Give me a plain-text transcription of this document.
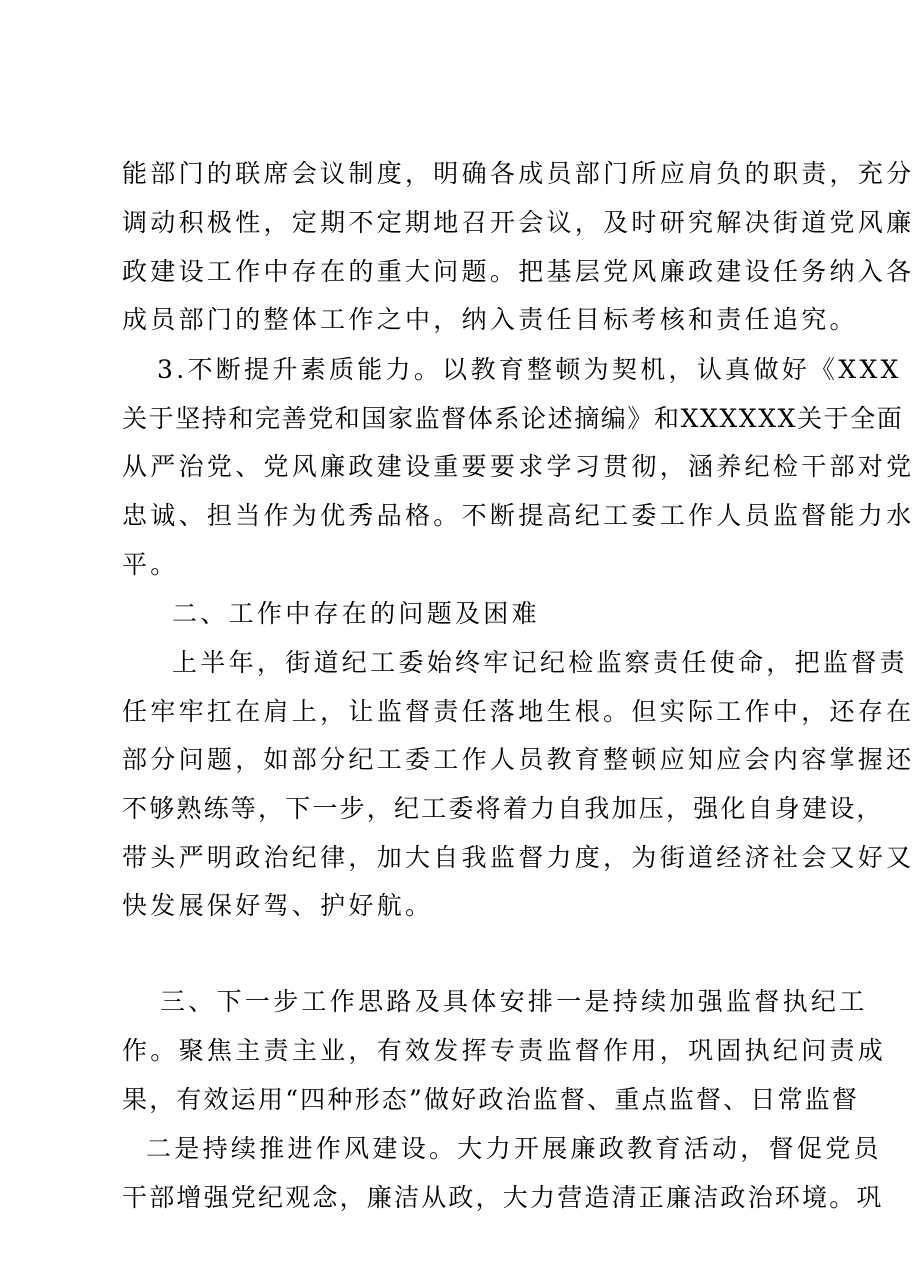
能部门的联席会议制度，明确各成员部门所应肩负的职责，充分
调动积极性，定期不定期地召开会议，及时研究解决街道党风廉
政建设工作中存在的重大问题。把基层党风廉政建设任务纳入各
成员部门的整体工作之中，纳入责任目标考核和责任追究。
3.不断提升素质能力。以教育整顿为契机，认真做好《XXX
关于坚持和完善党和国家监督体系论述摘编》和XXXXXX关于全面
从严治党、党风廉政建设重要要求学习贯彻，涵养纪检干部对党
忠诚、担当作为优秀品格。不断提高纪工委工作人员监督能力水
平。
二、工作中存在的问题及困难
上半年，街道纪工委始终牢记纪检监察责任使命，把监督责
任牢牢扛在肩上，让监督责任落地生根。但实际工作中，还存在
部分问题，如部分纪工委工作人员教育整顿应知应会内容掌握还
不够熟练等，下一步，纪工委将着力自我加压，强化自身建设，
带头严明政治纪律，加大自我监督力度，为街道经济社会又好又
快发展保好驾、护好航。
三、下一步工作思路及具体安排一是持续加强监督执纪工
作。聚焦主责主业，有效发挥专责监督作用，巩固执纪问责成
果，有效运用“四种形态”做好政治监督、重点监督、日常监督
二是持续推进作风建设。大力开展廉政教育活动，督促党员
干部增强党纪观念，廉洁从政，大力营造清正廉洁政治环境。巩
